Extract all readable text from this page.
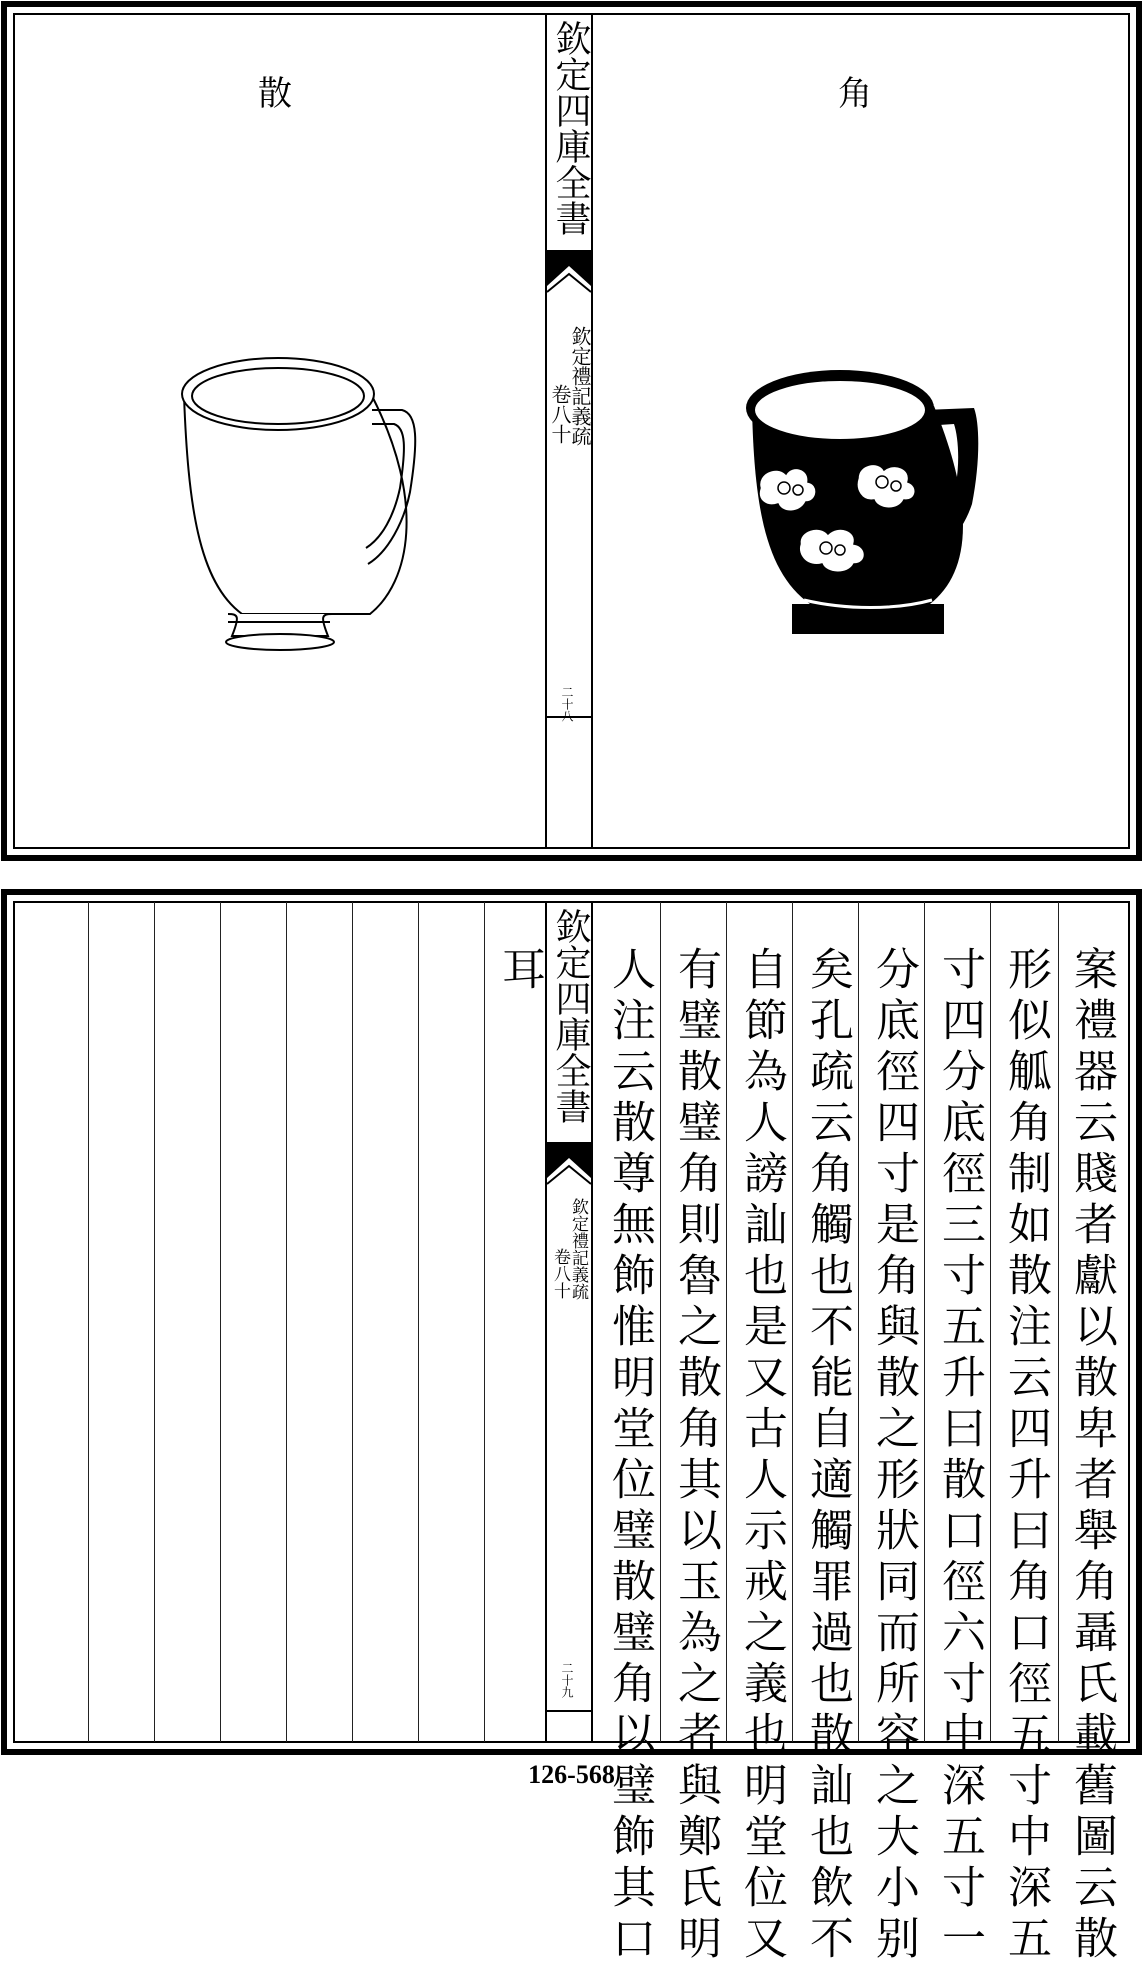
欽定四庫全書
欽定禮記義疏
卷八十
二十八
散	角
欽定四庫全書
欽定禮記義疏
卷八十
二十九	案禮器云賤者獻以散卑者舉角聶氏載舊圖云散
形似觚角制如散注云四升曰角口徑五寸中深五
寸四分底徑三寸五升曰散口徑六寸中深五寸一
分底徑四寸是角與散之形狀同而所容之大小别
矣孔疏云角觸也不能自適觸罪過也散訕也飲不
自節為人謗訕也是又古人示戒之義也明堂位又
有璧散璧角則魯之散角其以玉為之者與鄭氏明
人注云散尊無飾惟明堂位璧散璧角以璧飾其口
耳
126-568
